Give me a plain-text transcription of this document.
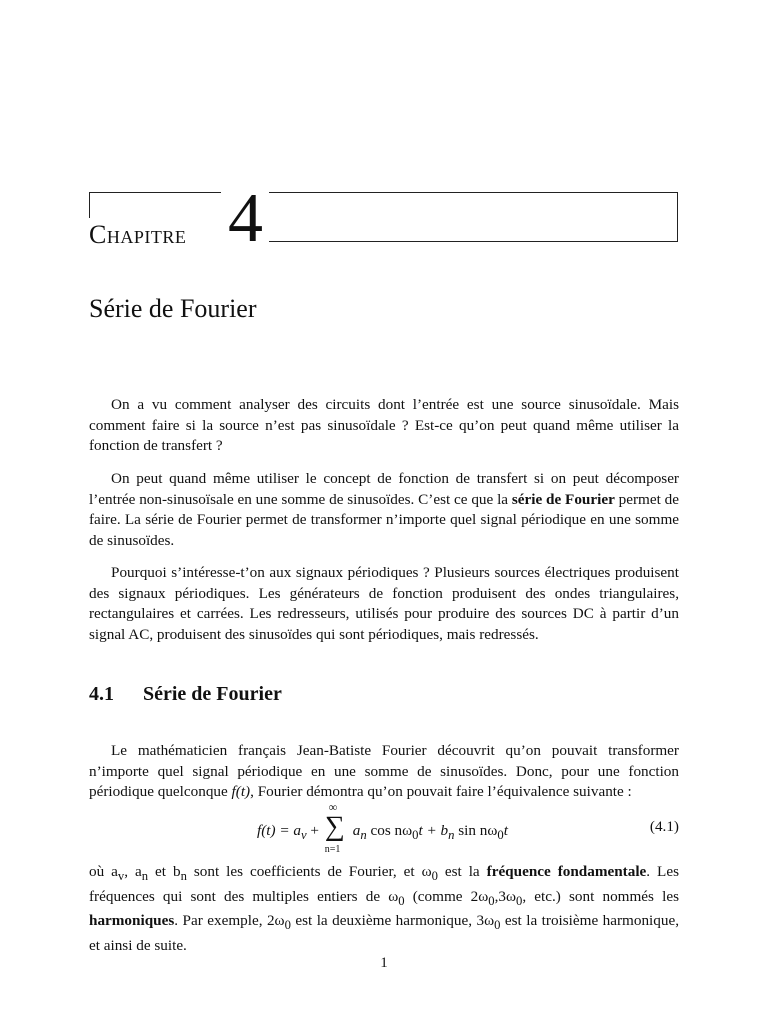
Chapitre 4
Série de Fourier

On a vu comment analyser des circuits dont l’entrée est une source sinusoïdale. Mais comment faire si la source n’est pas sinusoïdale ? Est-ce qu’on peut quand même utiliser la fonction de transfert ?

On peut quand même utiliser le concept de fonction de transfert si on peut décomposer l’entrée non-sinusoïsale en une somme de sinusoïdes. C’est ce que la série de Fourier permet de faire. La série de Fourier permet de transformer n’importe quel signal périodique en une somme de sinusoïdes.

Pourquoi s’intéresse-t’on aux signaux périodiques ? Plusieurs sources électriques produisent des signaux périodiques. Les générateurs de fonction produisent des ondes triangulaires, rectangulaires et carrées. Les redresseurs, utilisés pour produire des sources DC à partir d’un signal AC, produisent des sinusoïdes qui sont périodiques, mais redressés.

4.1 Série de Fourier

Le mathématicien français Jean-Batiste Fourier découvrit qu’on pouvait transformer n’importe quel signal périodique en une somme de sinusoïdes. Donc, pour une fonction périodique quelconque f(t), Fourier démontra qu’on pouvait faire l’équivalence suivante :

$f(t) = a_v$ +
∞
∑
n=1
$a_n$ $\cos n\omega_0t + b_n$ $\sin n\omega_0t$	(4.1)

où $a_v$, $a_n$ et $b_n$ sont les coefficients de Fourier, et $\omega_0$ est la fréquence fondamentale. Les fréquences qui sont des multiples entiers de $\omega_0$ (comme $2\omega_0,3\omega_0$, etc.) sont nommés les harmoniques. Par exemple, $2\omega_0$ est la deuxième harmonique, $3\omega_0$ est la troisième harmonique, et ainsi de suite.

1
